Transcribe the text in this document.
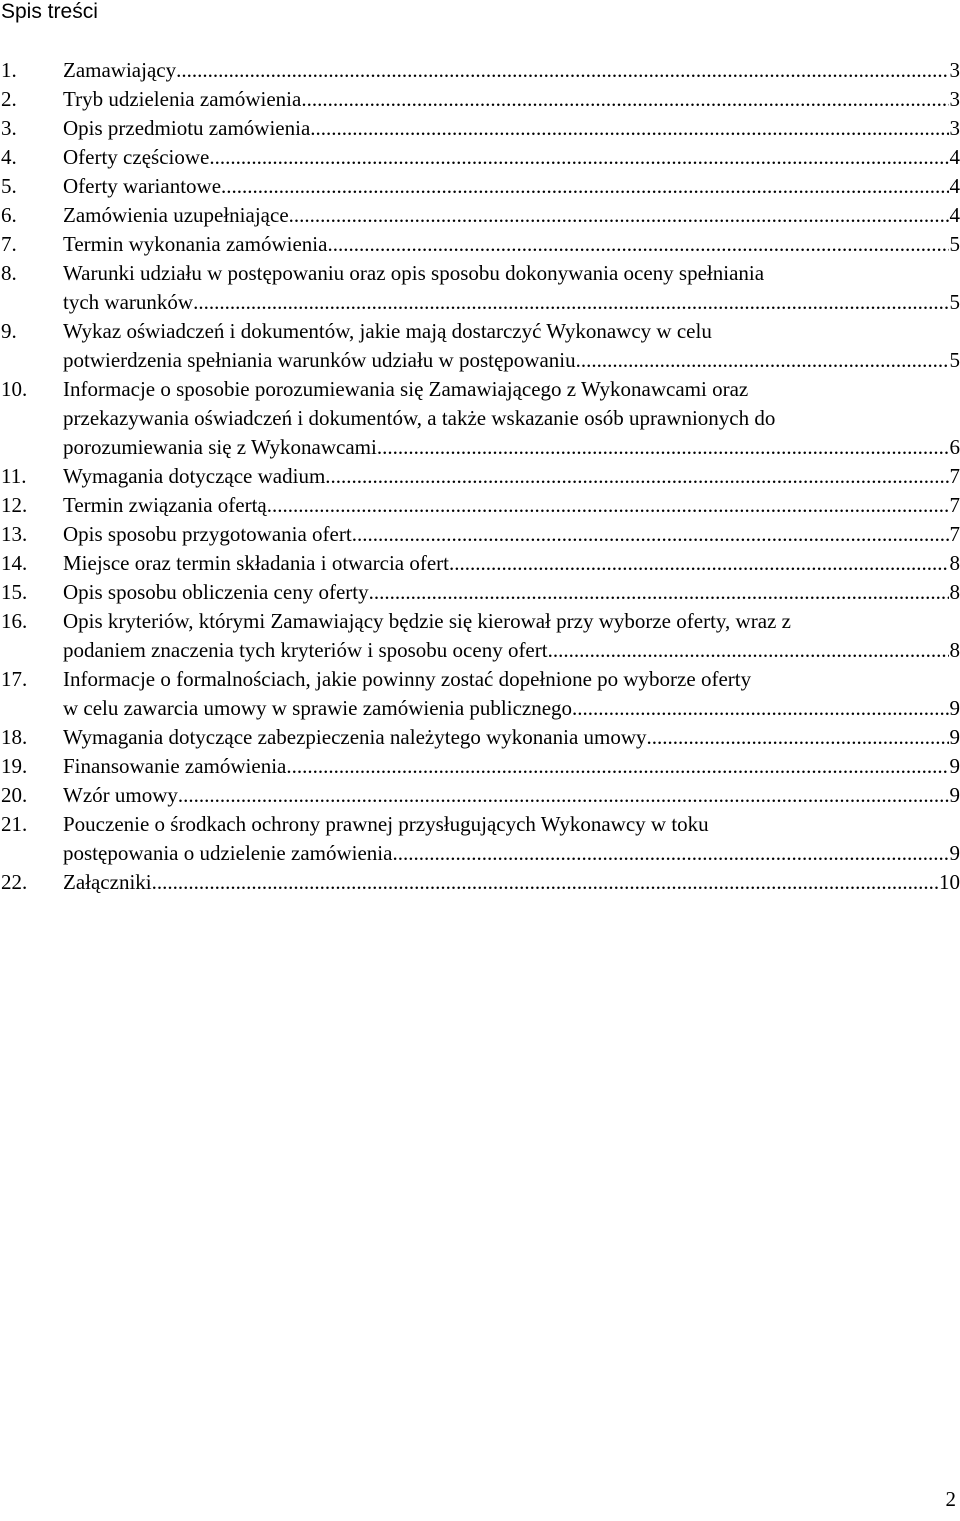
Spis treści
1.	Zamawiający .....	3
2.	Tryb udzielenia zamówienia .....	3
3.	Opis przedmiotu zamówienia .....	3
4.	Oferty częściowe .....	4
5.	Oferty wariantowe .....	4
6.	Zamówienia uzupełniające .....	4
7.	Termin wykonania zamówienia .....	5
8.	Warunki udziału w postępowaniu oraz opis sposobu dokonywania oceny spełniania
tych warunków .....	5
9.	Wykaz oświadczeń i dokumentów, jakie mają dostarczyć Wykonawcy w celu
potwierdzenia spełniania warunków udziału w postępowaniu .....	5
10.	Informacje o sposobie porozumiewania się Zamawiającego z Wykonawcami oraz
przekazywania oświadczeń i dokumentów, a także wskazanie osób uprawnionych do
porozumiewania się z Wykonawcami .....	6
11.	Wymagania dotyczące wadium .....	7
12.	Termin związania ofertą .....	7
13.	Opis sposobu przygotowania ofert .....	7
14.	Miejsce oraz termin składania i otwarcia ofert .....	8
15.	Opis sposobu obliczenia ceny oferty .....	8
16.	Opis kryteriów, którymi Zamawiający będzie się kierował przy wyborze oferty, wraz z
podaniem znaczenia tych kryteriów i sposobu oceny ofert .....	8
17.	Informacje o formalnościach, jakie powinny zostać dopełnione po wyborze oferty
w celu zawarcia umowy w sprawie zamówienia publicznego .....	9
18.	Wymagania dotyczące zabezpieczenia należytego wykonania umowy .....	9
19.	Finansowanie zamówienia .....	9
20.	Wzór umowy .....	9
21.	Pouczenie o środkach ochrony prawnej przysługujących Wykonawcy w toku
postępowania o udzielenie zamówienia .....	9
22.	Załączniki .....	10
2
